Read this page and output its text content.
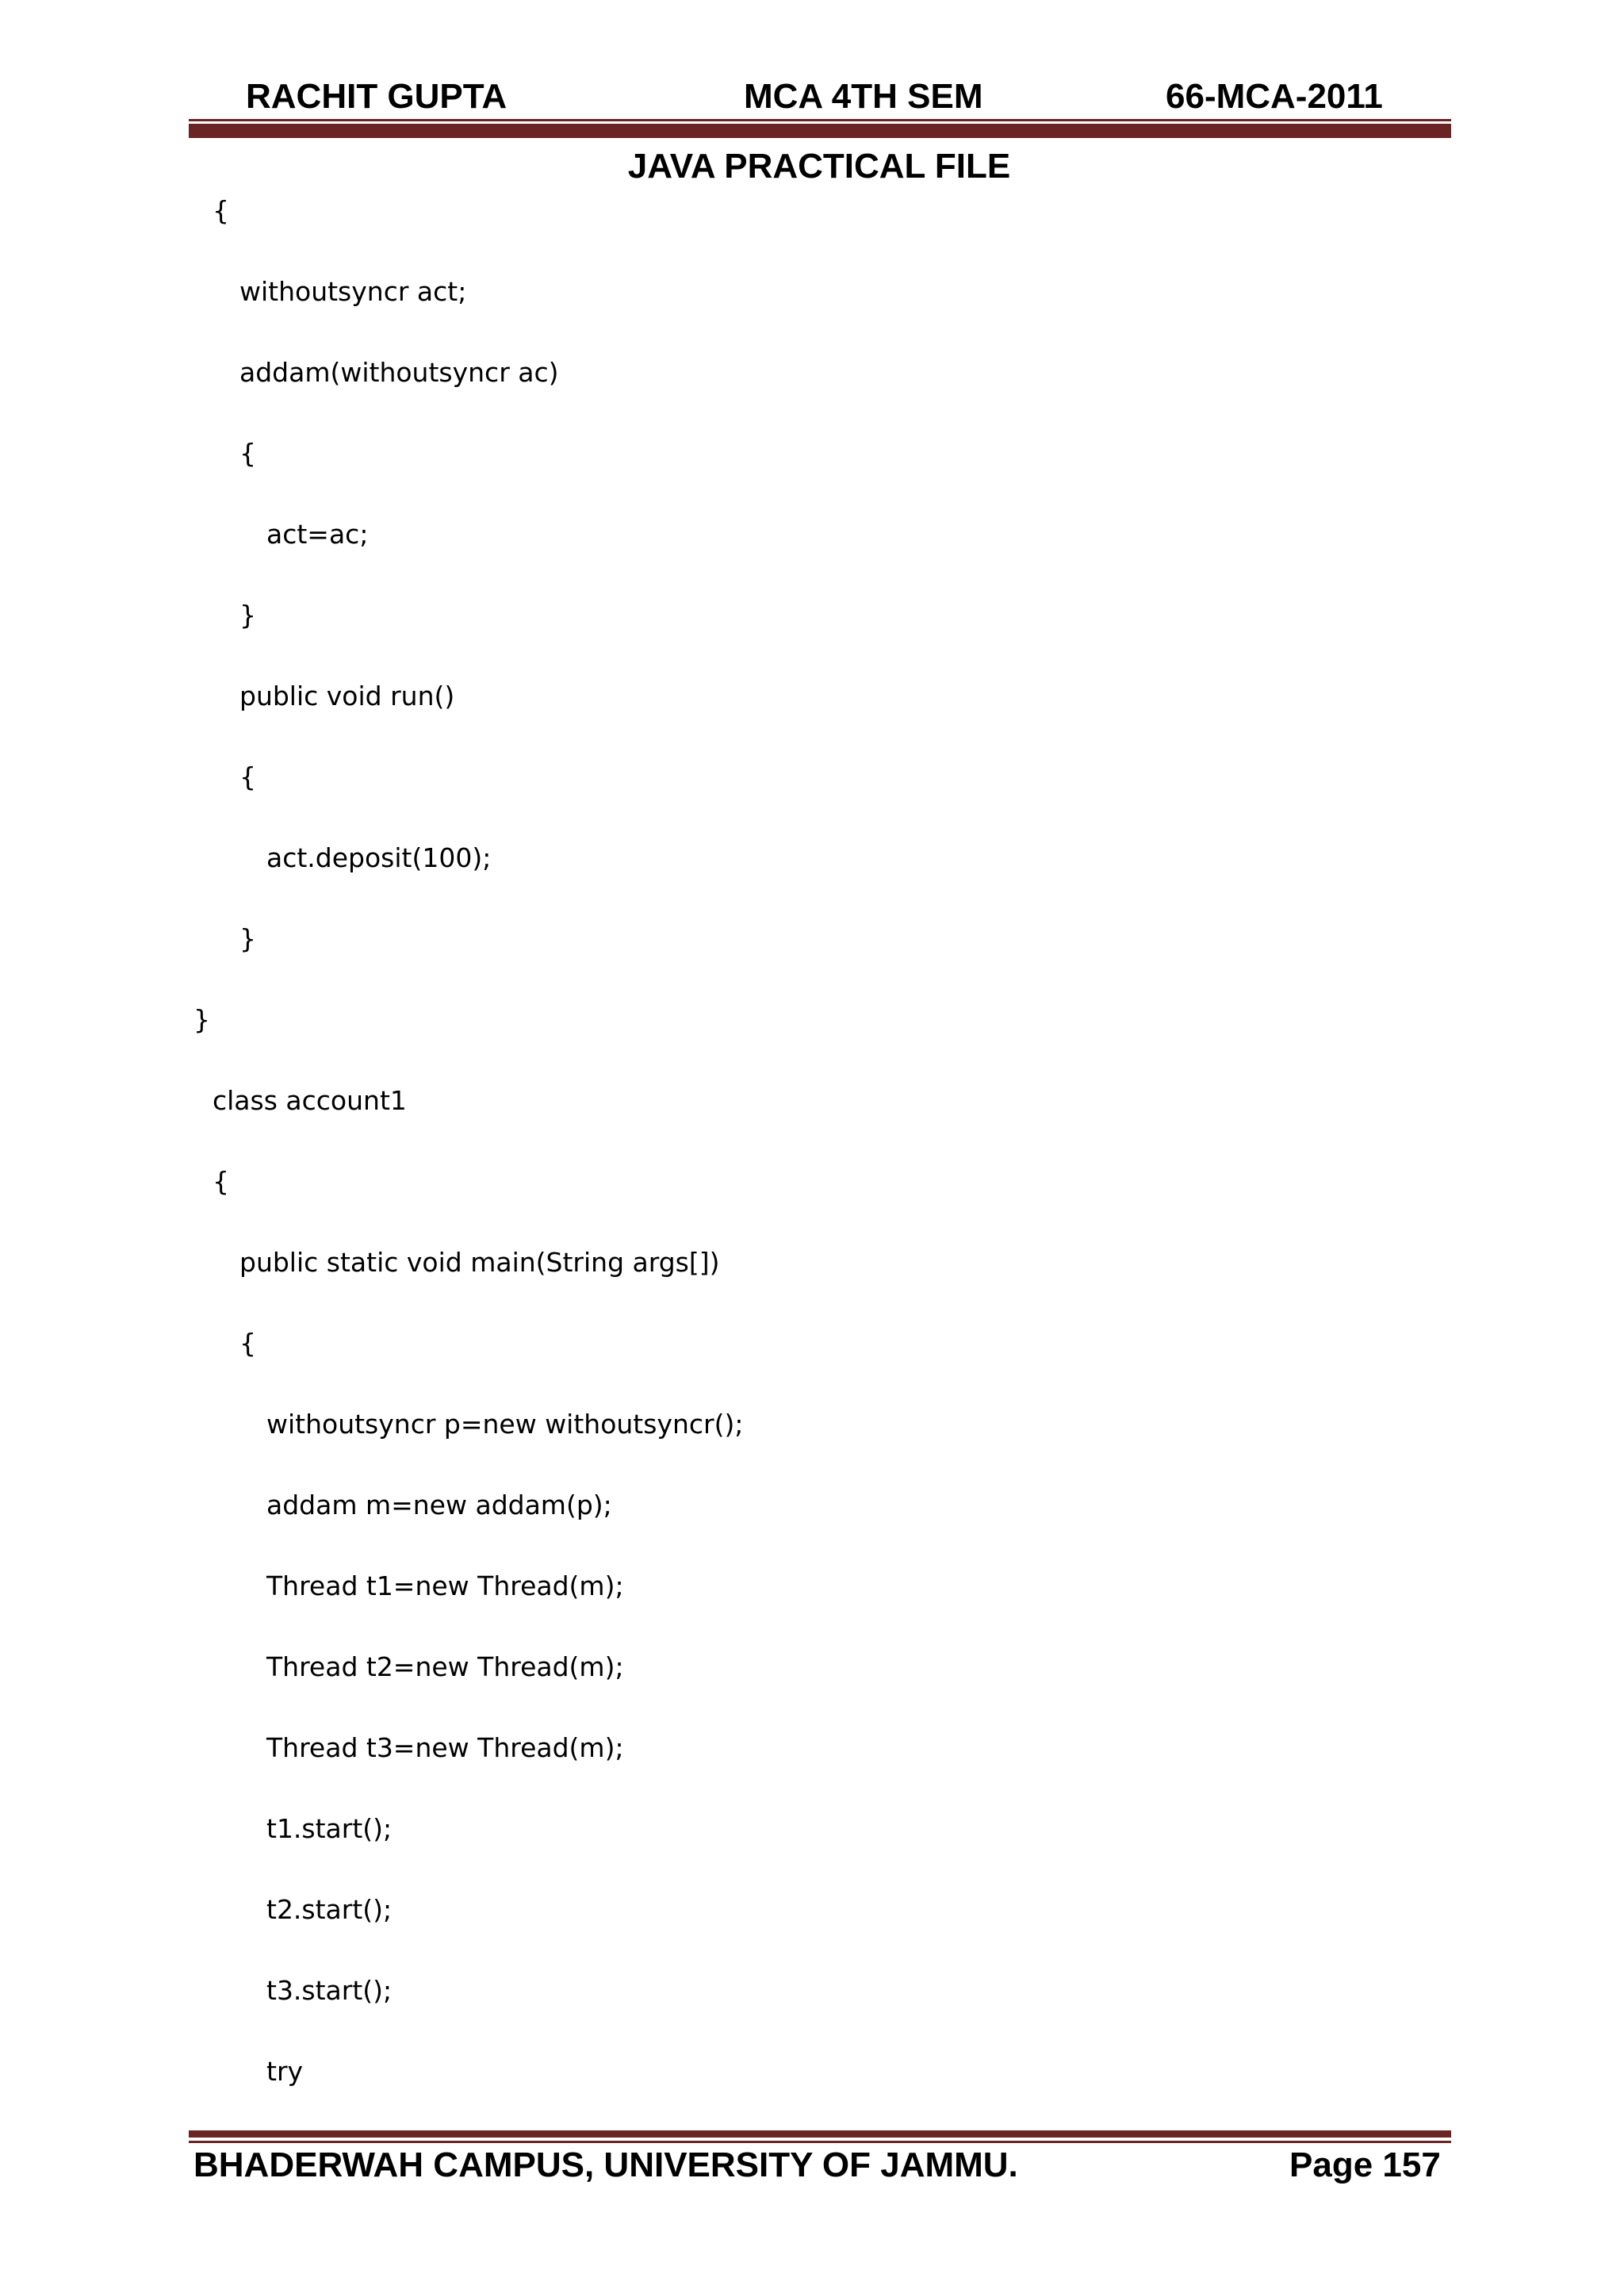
RACHIT GUPTA	MCA 4TH SEM	66-MCA-2011
JAVA PRACTICAL FILE
{
withoutsyncr act;
addam(withoutsyncr ac)
{
act=ac;
}
public void run()
{
act.deposit(100);
}
}
class account1
{
public static void main(String args[])
{
withoutsyncr p=new withoutsyncr();
addam m=new addam(p);
Thread t1=new Thread(m);
Thread t2=new Thread(m);
Thread t3=new Thread(m);
t1.start();
t2.start();
t3.start();
try
BHADERWAH CAMPUS, UNIVERSITY OF JAMMU.	Page 157
